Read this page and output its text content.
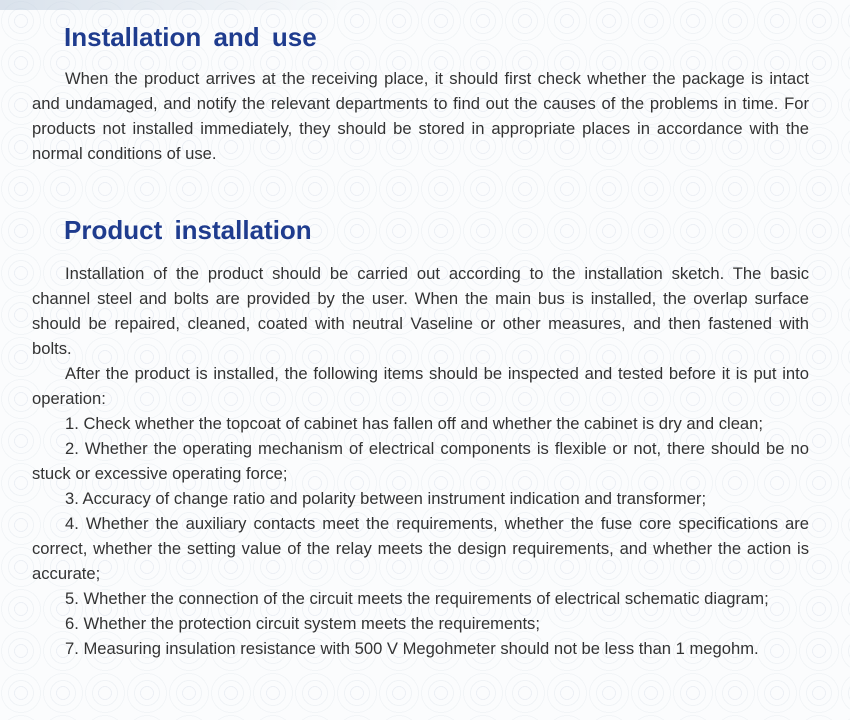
Installation and use

When the product arrives at the receiving place, it should first check whether the package is intact and undamaged, and notify the relevant departments to find out the causes of the problems in time. For products not installed immediately, they should be stored in appropriate places in accordance with the normal conditions of use.

Product installation

Installation of the product should be carried out according to the installation sketch. The basic channel steel and bolts are provided by the user. When the main bus is installed, the overlap surface should be repaired, cleaned, coated with neutral Vaseline or other measures, and then fastened with bolts.

After the product is installed, the following items should be inspected and tested before it is put into operation:

1. Check whether the topcoat of cabinet has fallen off and whether the cabinet is dry and clean;

2. Whether the operating mechanism of electrical components is flexible or not, there should be no stuck or excessive operating force;

3. Accuracy of change ratio and polarity between instrument indication and transformer;

4. Whether the auxiliary contacts meet the requirements, whether the fuse core specifications are correct, whether the setting value of the relay meets the design requirements, and whether the action is accurate;

5. Whether the connection of the circuit meets the requirements of electrical schematic diagram;

6. Whether the protection circuit system meets the requirements;

7. Measuring insulation resistance with 500 V Megohmeter should not be less than 1 megohm.
